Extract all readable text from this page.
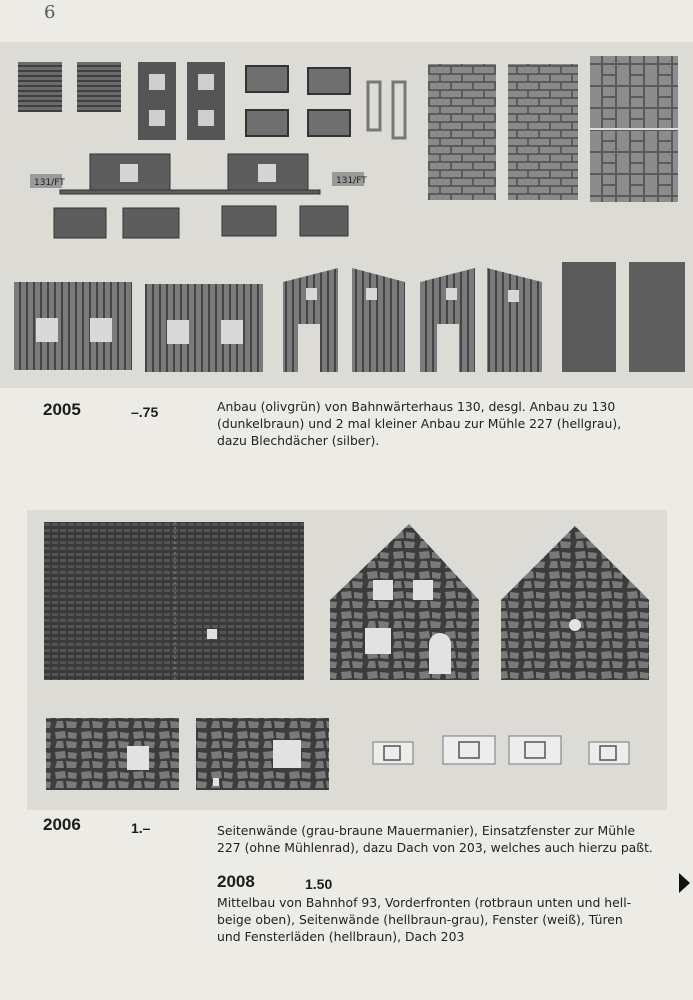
6
131/FT	131/FT
2005	–.75	Anbau (olivgrün) von Bahnwärterhaus 130, desgl. Anbau zu 130
(dunkelbraun) und 2 mal kleiner Anbau zur Mühle 227 (hellgrau),
dazu Blechdächer (silber).
2006	1.–	Seitenwände (grau-braune Mauermanier), Einsatzfenster zur Mühle
227 (ohne Mühlenrad), dazu Dach von 203, welches auch hierzu paßt.
2008	1.50
Mittelbau von Bahnhof 93, Vorderfronten (rotbraun unten und hell-
beige oben), Seitenwände (hellbraun-grau), Fenster (weiß), Türen
und Fensterläden (hellbraun), Dach 203
